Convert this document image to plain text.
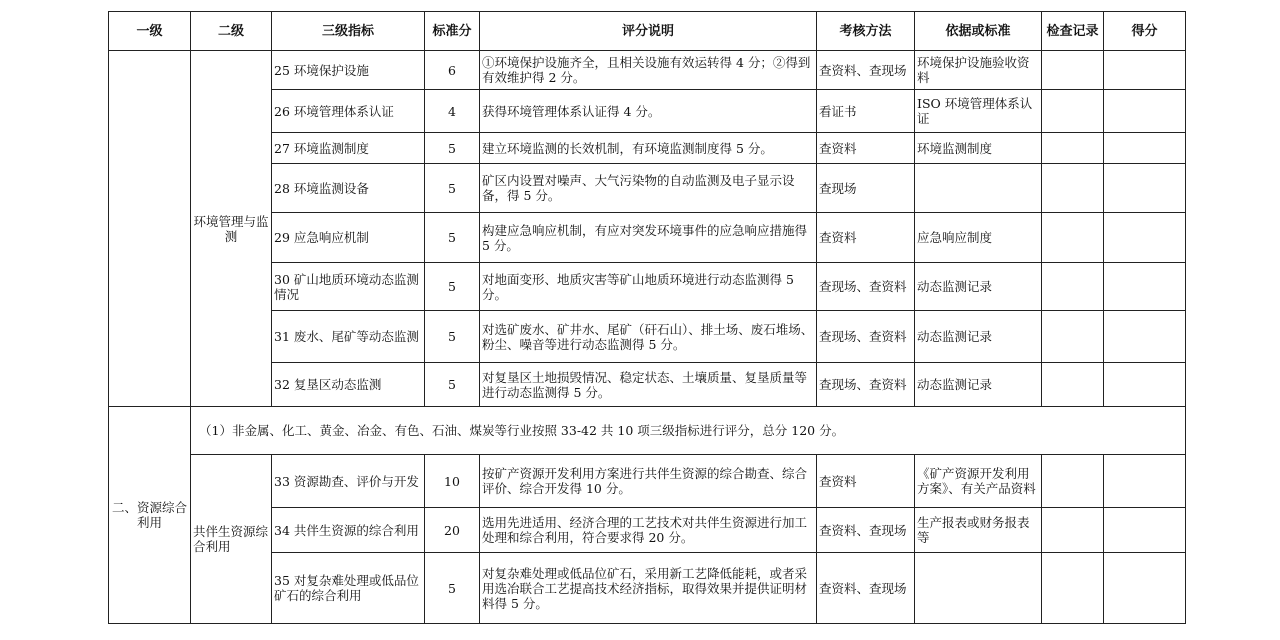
一级	二级	三级指标	标准分	评分说明	考核方法	依据或标准	检查记录	得分
	环境管理与监测	25 环境保护设施	6	①环境保护设施齐全，且相关设施有效运转得 4 分；②得到有效维护得 2 分。	查资料、查现场	环境保护设施验收资料		
		26 环境管理体系认证	4	获得环境管理体系认证得 4 分。	看证书	ISO 环境管理体系认证		
		27 环境监测制度	5	建立环境监测的长效机制，有环境监测制度得 5 分。	查资料	环境监测制度		
		28 环境监测设备	5	矿区内设置对噪声、大气污染物的自动监测及电子显示设备，得 5 分。	查现场			
		29 应急响应机制	5	构建应急响应机制，有应对突发环境事件的应急响应措施得 5 分。	查资料	应急响应制度		
		30 矿山地质环境动态监测情况	5	对地面变形、地质灾害等矿山地质环境进行动态监测得 5 分。	查现场、查资料	动态监测记录		
		31 废水、尾矿等动态监测	5	对选矿废水、矿井水、尾矿（矸石山）、排土场、废石堆场、粉尘、噪音等进行动态监测得 5 分。	查现场、查资料	动态监测记录		
		32 复垦区动态监测	5	对复垦区土地损毁情况、稳定状态、土壤质量、复垦质量等进行动态监测得 5 分。	查现场、查资料	动态监测记录		
二、资源综合利用	（1）非金属、化工、黄金、冶金、有色、石油、煤炭等行业按照 33-42 共 10 项三级指标进行评分，总分 120 分。							
	共伴生资源综合利用	33 资源勘查、评价与开发	10	按矿产资源开发利用方案进行共伴生资源的综合勘查、综合评价、综合开发得 10 分。	查资料	《矿产资源开发利用方案》、有关产品资料		
		34 共伴生资源的综合利用	20	选用先进适用、经济合理的工艺技术对共伴生资源进行加工处理和综合利用，符合要求得 20 分。	查资料、查现场	生产报表或财务报表等		
		35 对复杂难处理或低品位矿石的综合利用	5	对复杂难处理或低品位矿石，采用新工艺降低能耗，或者采用选冶联合工艺提高技术经济指标，取得效果并提供证明材料得 5 分。	查资料、查现场			
